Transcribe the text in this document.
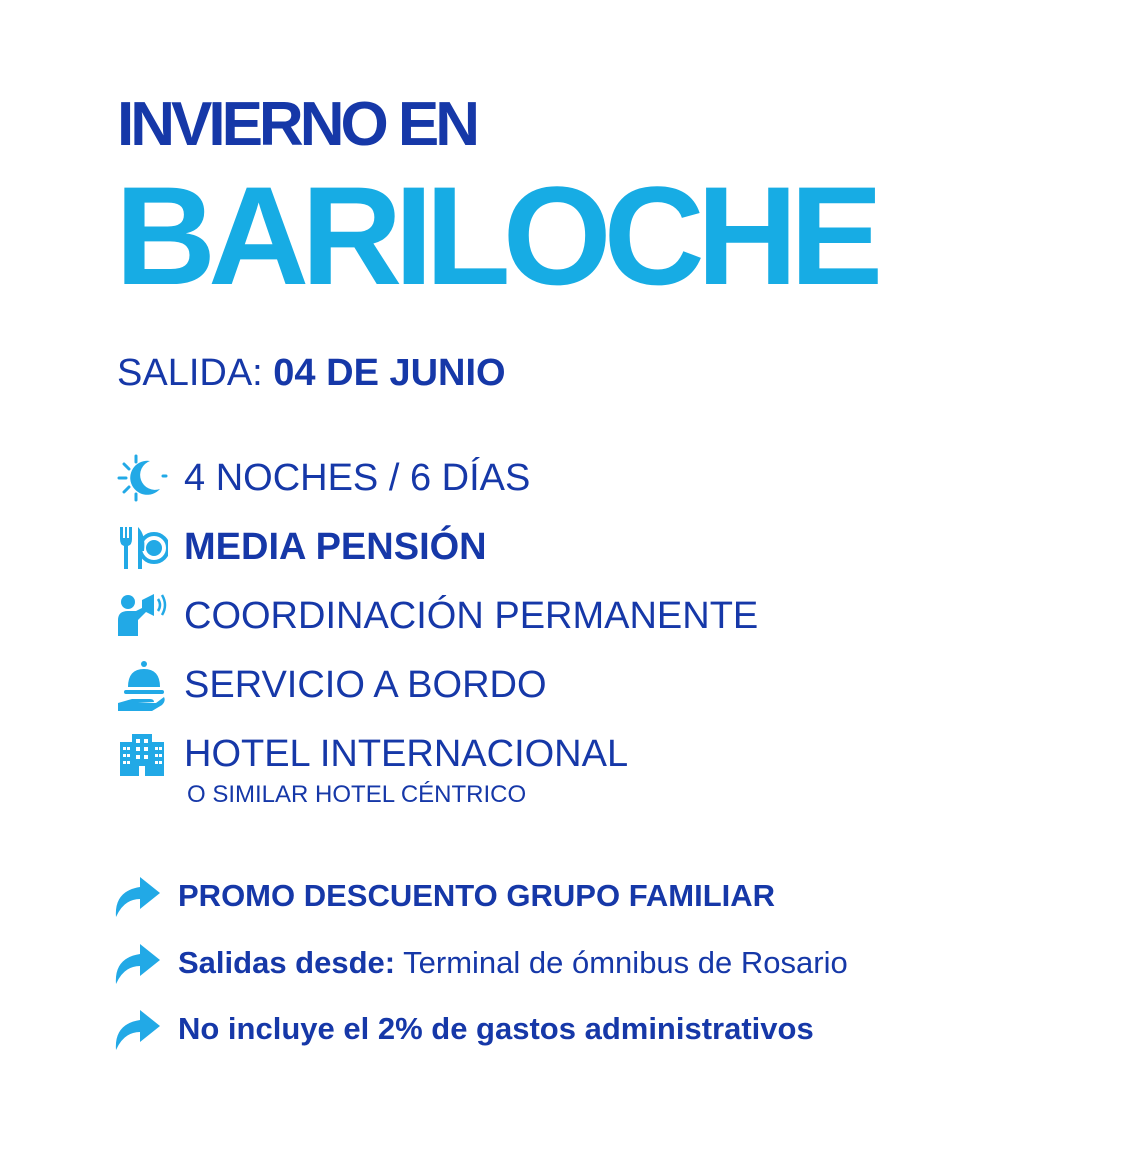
INVIERNO EN
BARILOCHE
SALIDA: 04 DE JUNIO
4 NOCHES / 6 DÍAS
MEDIA PENSIÓN
COORDINACIÓN PERMANENTE
SERVICIO A BORDO
HOTEL INTERNACIONAL
O SIMILAR HOTEL CÉNTRICO
PROMO DESCUENTO GRUPO FAMILIAR
Salidas desde: Terminal de ómnibus de Rosario
No incluye el 2% de gastos administrativos
